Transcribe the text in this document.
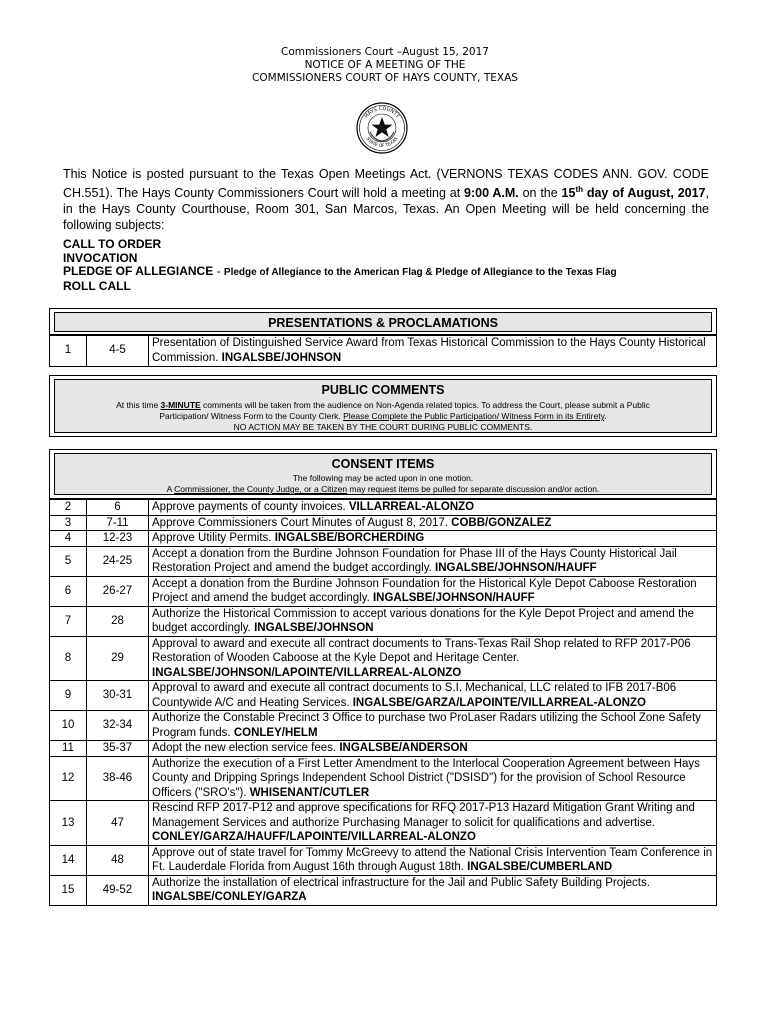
Commissioners Court –August 15, 2017
NOTICE OF A MEETING OF THE
COMMISSIONERS COURT OF HAYS COUNTY, TEXAS
HAYS COUNTY
STATE OF TEXAS
This Notice is posted pursuant to the Texas Open Meetings Act. (VERNONS TEXAS CODES ANN. GOV. CODE CH.551). The Hays County Commissioners Court will hold a meeting at 9:00 A.M. on the 15th day of August, 2017, in the Hays County Courthouse, Room 301, San Marcos, Texas. An Open Meeting will be held concerning the following subjects:
CALL TO ORDER
INVOCATION
PLEDGE OF ALLEGIANCE - Pledge of Allegiance to the American Flag & Pledge of Allegiance to the Texas Flag
ROLL CALL
PRESENTATIONS & PROCLAMATIONS
1	4-5	Presentation of Distinguished Service Award from Texas Historical Commission to the Hays County Historical Commission. INGALSBE/JOHNSON
PUBLIC COMMENTS
At this time 3-MINUTE comments will be taken from the audience on Non-Agenda related topics. To address the Court, please submit a Public
Participation/ Witness Form to the County Clerk. Please Complete the Public Participation/ Witness Form in its Entirety.
NO ACTION MAY BE TAKEN BY THE COURT DURING PUBLIC COMMENTS.
CONSENT ITEMS
The following may be acted upon in one motion.
A Commissioner, the County Judge, or a Citizen may request items be pulled for separate discussion and/or action.
2	6	Approve payments of county invoices. VILLARREAL-ALONZO
3	7-11	Approve Commissioners Court Minutes of August 8, 2017. COBB/GONZALEZ
4	12-23	Approve Utility Permits. INGALSBE/BORCHERDING
5	24-25	Accept a donation from the Burdine Johnson Foundation for Phase III of the Hays County Historical Jail Restoration Project and amend the budget accordingly. INGALSBE/JOHNSON/HAUFF
6	26-27	Accept a donation from the Burdine Johnson Foundation for the Historical Kyle Depot Caboose Restoration Project and amend the budget accordingly. INGALSBE/JOHNSON/HAUFF
7	28	Authorize the Historical Commission to accept various donations for the Kyle Depot Project and amend the budget accordingly. INGALSBE/JOHNSON
8	29	Approval to award and execute all contract documents to Trans-Texas Rail Shop related to RFP 2017-P06 Restoration of Wooden Caboose at the Kyle Depot and Heritage Center. INGALSBE/JOHNSON/LAPOINTE/VILLARREAL-ALONZO
9	30-31	Approval to award and execute all contract documents to S.I. Mechanical, LLC related to IFB 2017-B06 Countywide A/C and Heating Services. INGALSBE/GARZA/LAPOINTE/VILLARREAL-ALONZO
10	32-34	Authorize the Constable Precinct 3 Office to purchase two ProLaser Radars utilizing the School Zone Safety Program funds. CONLEY/HELM
11	35-37	Adopt the new election service fees. INGALSBE/ANDERSON
12	38-46	Authorize the execution of a First Letter Amendment to the Interlocal Cooperation Agreement between Hays County and Dripping Springs Independent School District ("DSISD") for the provision of School Resource Officers ("SRO's"). WHISENANT/CUTLER
13	47	Rescind RFP 2017-P12 and approve specifications for RFQ 2017-P13 Hazard Mitigation Grant Writing and Management Services and authorize Purchasing Manager to solicit for qualifications and advertise. CONLEY/GARZA/HAUFF/LAPOINTE/VILLARREAL-ALONZO
14	48	Approve out of state travel for Tommy McGreevy to attend the National Crisis Intervention Team Conference in Ft. Lauderdale Florida from August 16th through August 18th. INGALSBE/CUMBERLAND
15	49-52	Authorize the installation of electrical infrastructure for the Jail and Public Safety Building Projects. INGALSBE/CONLEY/GARZA
